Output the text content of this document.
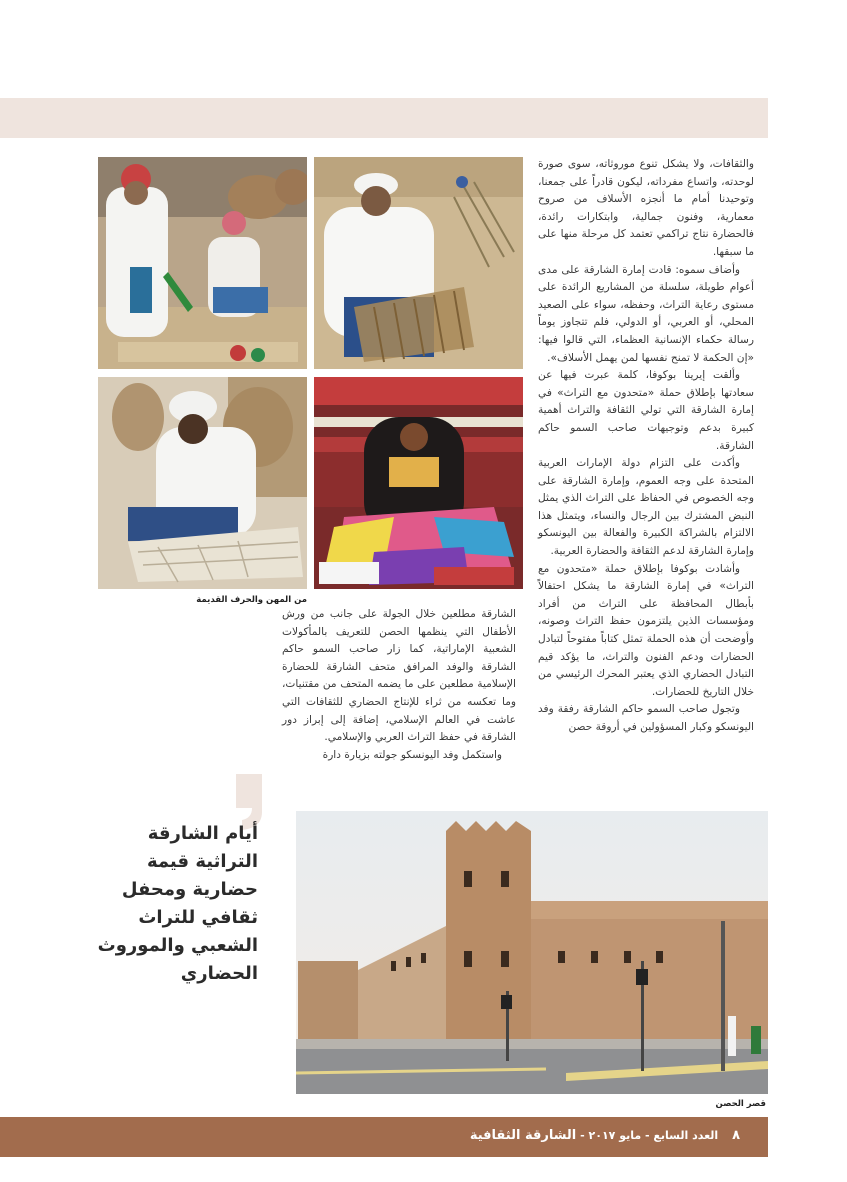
من المهن والحرف القديمة

والثقافات، ولا يشكل تنوع موروثاته، سوى صورة لوحدته، واتساع مفرداته، ليكون قادراً على جمعنا، وتوحيدنا أمام ما أنجزه الأسلاف من صروح معمارية، وفنون جمالية، وابتكارات رائدة، فالحضارة نتاج تراكمي تعتمد كل مرحلة منها على ما سبقها.

وأضاف سموه: قادت إمارة الشارقة على مدى أعوام طويلة، سلسلة من المشاريع الرائدة على مستوى رعاية التراث، وحفظه، سواء على الصعيد المحلي، أو العربي، أو الدولي، فلم تتجاوز يوماً رسالة حكماء الإنسانية العظماء، التي قالوا فيها: «إن الحكمة لا تمنح نفسها لمن يهمل الأسلاف».

وألقت إيرينا بوكوفا، كلمة عبرت فيها عن سعادتها بإطلاق حملة «متحدون مع التراث» في إمارة الشارقة التي تولي الثقافة والتراث أهمية كبيرة بدعم وتوجيهات صاحب السمو حاكم الشارقة.

وأكدت على التزام دولة الإمارات العربية المتحدة على وجه العموم، وإمارة الشارقة على وجه الخصوص في الحفاظ على التراث الذي يمثل النبض المشترك بين الرجال والنساء، ويتمثل هذا الالتزام بالشراكة الكبيرة والفعالة بين اليونسكو وإمارة الشارقة لدعم الثقافة والحضارة العربية.

وأشادت بوكوفا بإطلاق حملة «متحدون مع التراث» في إمارة الشارقة ما يشكل احتفالاً بأبطال المحافظة على التراث من أفراد ومؤسسات الذين يلتزمون حفظ التراث وصونه، وأوضحت أن هذه الحملة تمثل كتاباً مفتوحاً لتبادل الحضارات ودعم الفنون والتراث، ما يؤكد قيم التبادل الحضاري الذي يعتبر المحرك الرئيسي من خلال التاريخ للحضارات.

وتجول صاحب السمو حاكم الشارقة رفقة وفد اليونسكو وكبار المسؤولين في أروقة حصن

الشارقة مطلعين خلال الجولة على جانب من ورش الأطفال التي ينظمها الحصن للتعريف بالمأكولات الشعبية الإماراتية، كما زار صاحب السمو حاكم الشارقة والوفد المرافق متحف الشارقة للحضارة الإسلامية مطلعين على ما يضمه المتحف من مقتنيات، وما تعكسه من ثراء للإنتاج الحضاري للثقافات التي عاشت في العالم الإسلامي، إضافة إلى إبراز دور الشارقة في حفظ التراث العربي والإسلامي.

واستكمل وفد اليونسكو جولته بزيارة دارة

أيام الشارقة التراثية قيمة حضارية ومحفل ثقافي للتراث الشعبي والموروث الحضاري
قصر الحصن
٨ العدد السابع - مايو ٢٠١٧ - الشارقة الثقافية
